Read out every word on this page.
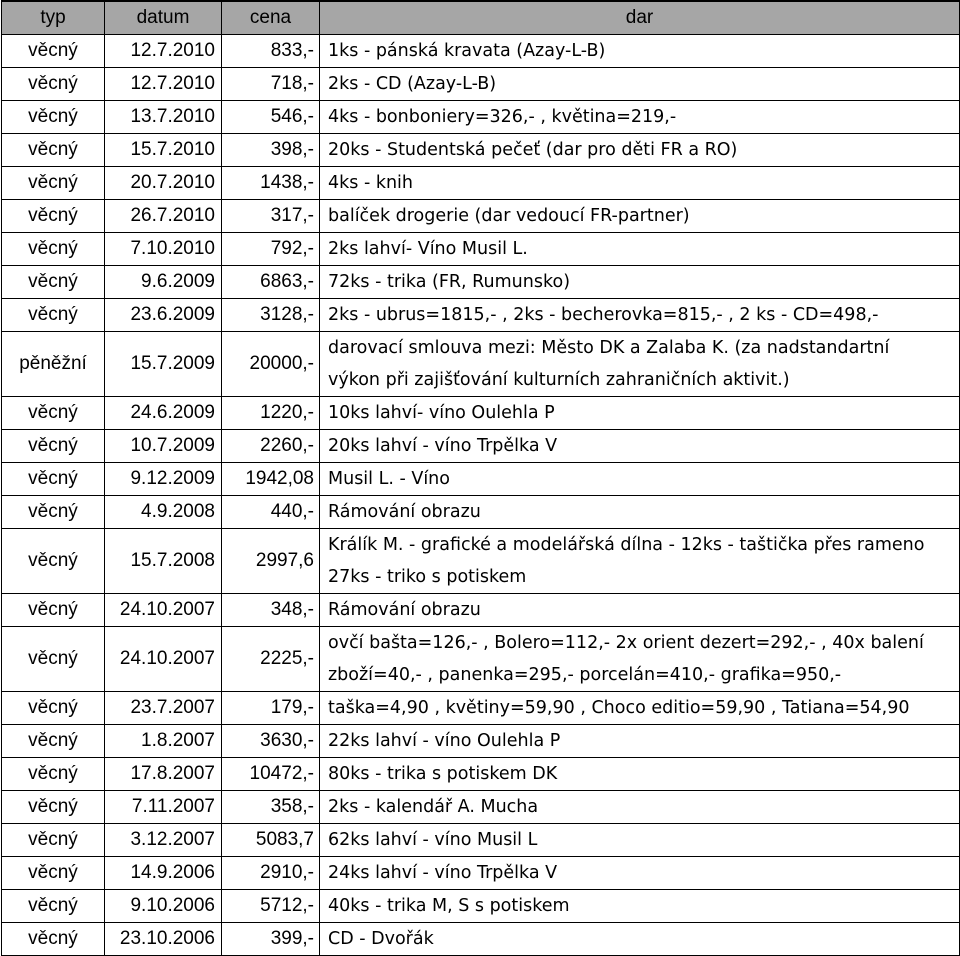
typ	datum	cena	dar
věcný	12.7.2010	833,-	1ks - pánská kravata (Azay-L-B)

věcný	12.7.2010	718,-	2ks - CD (Azay-L-B)

věcný	13.7.2010	546,-	4ks - bonboniery=326,- , květina=219,-

věcný	15.7.2010	398,-	20ks - Studentská pečeť (dar pro děti FR a RO)

věcný	20.7.2010	1438,-	4ks - knih

věcný	26.7.2010	317,-	balíček drogerie (dar vedoucí FR-partner)

věcný	7.10.2010	792,-	2ks lahví- Víno Musil L.

věcný	9.6.2009	6863,-	72ks - trika (FR, Rumunsko)

věcný	23.6.2009	3128,-	2ks - ubrus=1815,- , 2ks - becherovka=815,- , 2 ks - CD=498,-

pěněžní	15.7.2009	20000,-	darovací smlouva mezi: Město DK a Zalaba K. (za nadstandartní
výkon při zajišťování kulturních zahraničních aktivit.)

věcný	24.6.2009	1220,-	10ks lahví- víno Oulehla P

věcný	10.7.2009	2260,-	20ks lahví - víno Trpělka V

věcný	9.12.2009	1942,08	Musil L. - Víno

věcný	4.9.2008	440,-	Rámování obrazu

věcný	15.7.2008	2997,6	Králík M. - grafické a modelářská dílna - 12ks - taštička přes rameno
27ks - triko s potiskem

věcný	24.10.2007	348,-	Rámování obrazu

věcný	24.10.2007	2225,-	ovčí bašta=126,- , Bolero=112,- 2x orient dezert=292,- , 40x balení
zboží=40,- , panenka=295,- porcelán=410,- grafika=950,-

věcný	23.7.2007	179,-	taška=4,90 , květiny=59,90 , Choco editio=59,90 , Tatiana=54,90

věcný	1.8.2007	3630,-	22ks lahví - víno Oulehla P

věcný	17.8.2007	10472,-	80ks - trika s potiskem DK

věcný	7.11.2007	358,-	2ks - kalendář A. Mucha

věcný	3.12.2007	5083,7	62ks lahví - víno Musil L

věcný	14.9.2006	2910,-	24ks lahví - víno Trpělka V

věcný	9.10.2006	5712,-	40ks - trika M, S s potiskem

věcný	23.10.2006	399,-	CD - Dvořák
